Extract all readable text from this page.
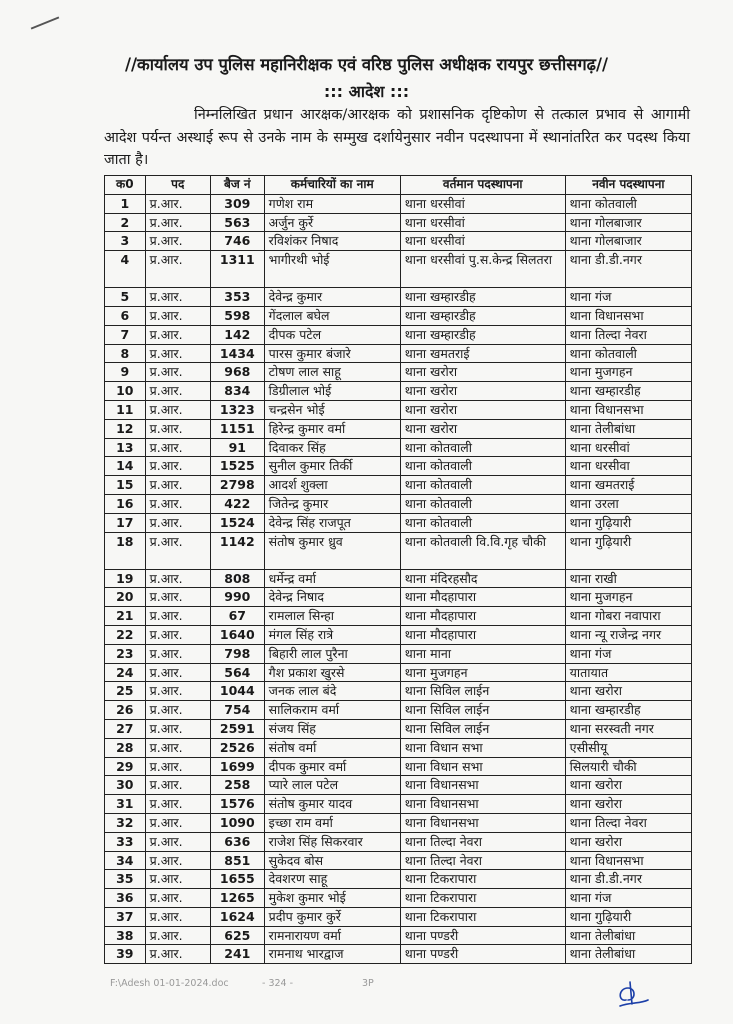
//कार्यालय उप पुलिस महानिरीक्षक एवं वरिष्ठ पुलिस अधीक्षक रायपुर छत्तीसगढ़//
::: आदेश :::
निम्नलिखित प्रधान आरक्षक/आरक्षक को प्रशासनिक दृष्टिकोण से तत्काल प्रभाव से आगामी आदेश पर्यन्त अस्थाई रूप से उनके नाम के सम्मुख दर्शायेनुसार नवीन पदस्थापना में स्थानांतरित कर पदस्थ किया जाता है।
क0	पद	बैज नं	कर्मचारियों का नाम	वर्तमान पदस्थापना	नवीन पदस्थापना
1	प्र.आर.	309	गणेश राम	थाना धरसीवां	थाना कोतवाली
2	प्र.आर.	563	अर्जुन कुर्रे	थाना धरसीवां	थाना गोलबाजार
3	प्र.आर.	746	रविशंकर निषाद	थाना धरसीवां	थाना गोलबाजार
4	प्र.आर.	1311	भागीरथी भोई	थाना धरसीवां पु.स.केन्द्र सिलतरा	थाना डी.डी.नगर
5	प्र.आर.	353	देवेन्द्र कुमार	थाना खम्हारडीह	थाना गंज
6	प्र.आर.	598	गेंदलाल बघेल	थाना खम्हारडीह	थाना विधानसभा
7	प्र.आर.	142	दीपक पटेल	थाना खम्हारडीह	थाना तिल्दा नेवरा
8	प्र.आर.	1434	पारस कुमार बंजारे	थाना खमतराई	थाना कोतवाली
9	प्र.आर.	968	टोषण लाल साहू	थाना खरोरा	थाना मुजगहन
10	प्र.आर.	834	डिग्रीलाल भोई	थाना खरोरा	थाना खम्हारडीह
11	प्र.आर.	1323	चन्द्रसेन भोई	थाना खरोरा	थाना विधानसभा
12	प्र.आर.	1151	हिरेन्द्र कुमार वर्मा	थाना खरोरा	थाना तेलीबांधा
13	प्र.आर.	91	दिवाकर सिंह	थाना कोतवाली	थाना धरसीवां
14	प्र.आर.	1525	सुनील कुमार तिर्की	थाना कोतवाली	थाना धरसीवा
15	प्र.आर.	2798	आदर्श शुक्ला	थाना कोतवाली	थाना खमतराई
16	प्र.आर.	422	जितेन्द्र कुमार	थाना कोतवाली	थाना उरला
17	प्र.आर.	1524	देवेन्द्र सिंह राजपूत	थाना कोतवाली	थाना गुढ़ियारी
18	प्र.आर.	1142	संतोष कुमार ध्रुव	थाना कोतवाली वि.वि.गृह चौकी	थाना गुढ़ियारी
19	प्र.आर.	808	धर्मेन्द्र वर्मा	थाना मंदिरहसौद	थाना राखी
20	प्र.आर.	990	देवेन्द्र निषाद	थाना मौदहापारा	थाना मुजगहन
21	प्र.आर.	67	रामलाल सिन्हा	थाना मौदहापारा	थाना गोबरा नवापारा
22	प्र.आर.	1640	मंगल सिंह रात्रे	थाना मौदहापारा	थाना न्यू राजेन्द्र नगर
23	प्र.आर.	798	बिहारी लाल पुरैना	थाना माना	थाना गंज
24	प्र.आर.	564	गैश प्रकाश खुरसे	थाना मुजगहन	यातायात
25	प्र.आर.	1044	जनक लाल बंदे	थाना सिविल लाईन	थाना खरोरा
26	प्र.आर.	754	सालिकराम वर्मा	थाना सिविल लाईन	थाना खम्हारडीह
27	प्र.आर.	2591	संजय सिंह	थाना सिविल लाईन	थाना सरस्वती नगर
28	प्र.आर.	2526	संतोष वर्मा	थाना विधान सभा	एसीसीयू
29	प्र.आर.	1699	दीपक कुमार वर्मा	थाना विधान सभा	सिलयारी चौकी
30	प्र.आर.	258	प्यारे लाल पटेल	थाना विधानसभा	थाना खरोरा
31	प्र.आर.	1576	संतोष कुमार यादव	थाना विधानसभा	थाना खरोरा
32	प्र.आर.	1090	इच्छा राम वर्मा	थाना विधानसभा	थाना तिल्दा नेवरा
33	प्र.आर.	636	राजेश सिंह सिकरवार	थाना तिल्दा नेवरा	थाना खरोरा
34	प्र.आर.	851	सुकेदव बोस	थाना तिल्दा नेवरा	थाना विधानसभा
35	प्र.आर.	1655	देवशरण साहू	थाना टिकरापारा	थाना डी.डी.नगर
36	प्र.आर.	1265	मुकेश कुमार भोई	थाना टिकरापारा	थाना गंज
37	प्र.आर.	1624	प्रदीप कुमार कुर्रे	थाना टिकरापारा	थाना गुढ़ियारी
38	प्र.आर.	625	रामनारायण वर्मा	थाना पण्डरी	थाना तेलीबांधा
39	प्र.आर.	241	रामनाथ भारद्वाज	थाना पण्डरी	थाना तेलीबांधा
F:\Adesh 01-01-2024.doc	- 324 -	3P
